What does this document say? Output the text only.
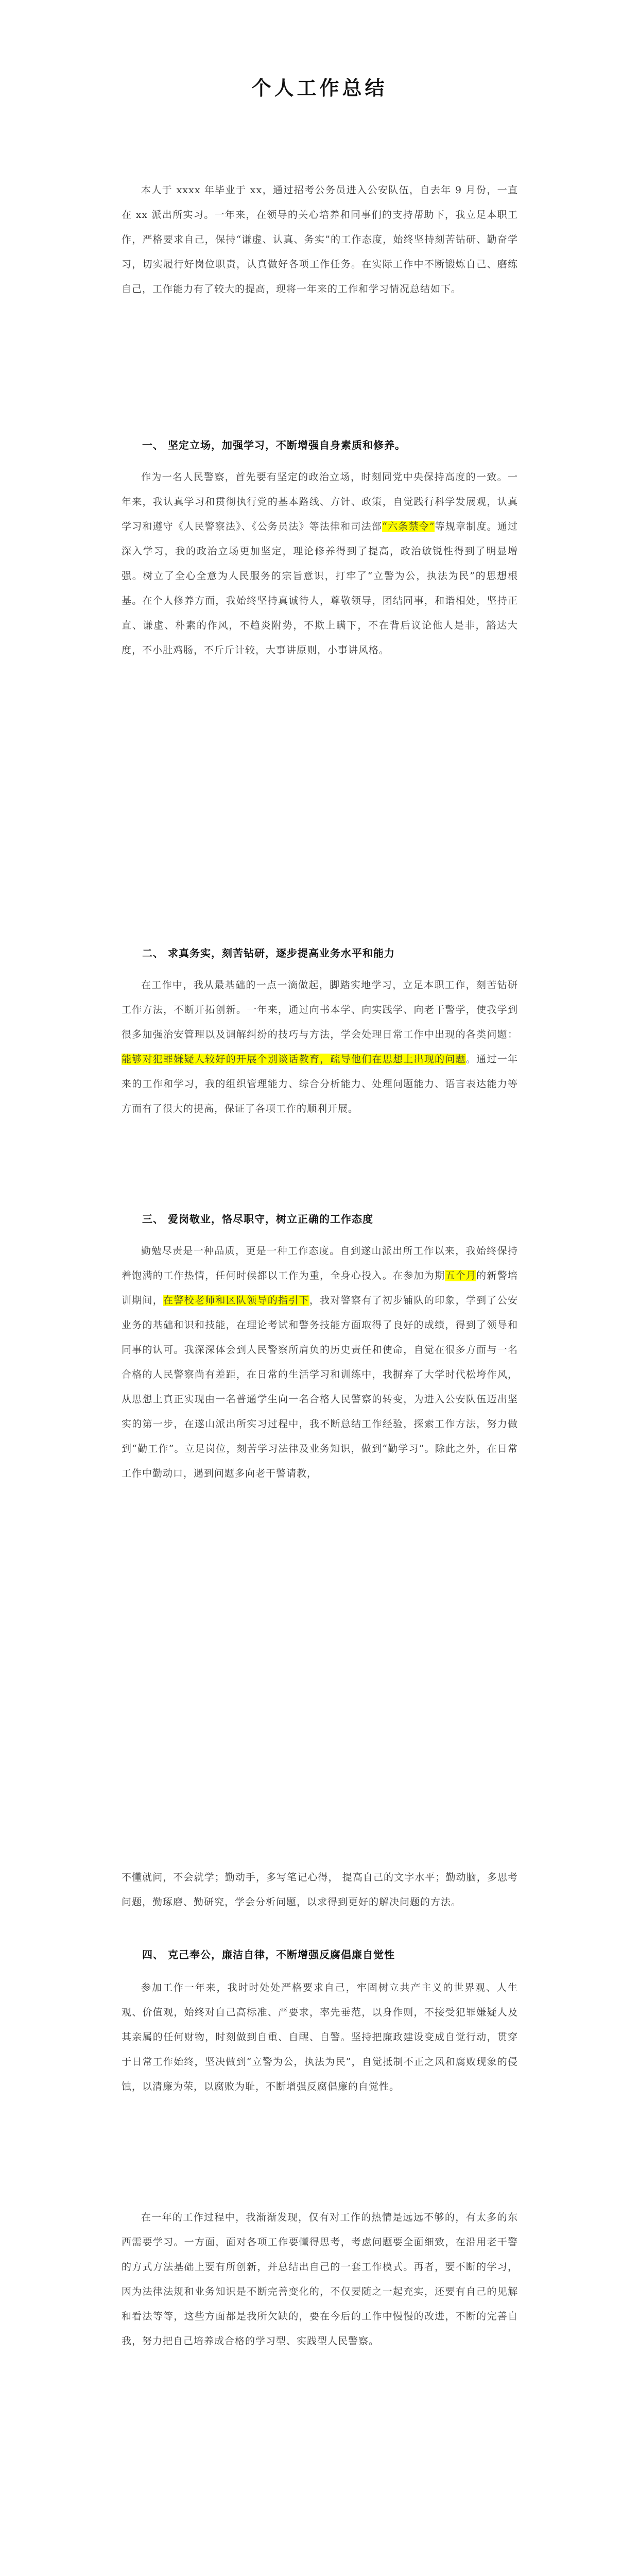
个人工作总结

本人于 xxxx 年毕业于 xx，通过招考公务员进入公安队伍，自去年 9 月份，一直在 xx 派出所实习。一年来，在领导的关心培养和同事们的支持帮助下，我立足本职工作，严格要求自己，保持“谦虚、认真、务实”的工作态度，始终坚持刻苦钻研、勤奋学习，切实履行好岗位职责，认真做好各项工作任务。在实际工作中不断锻炼自己、磨练自己，工作能力有了较大的提高，现将一年来的工作和学习情况总结如下。

一、 坚定立场，加强学习，不断增强自身素质和修养。

作为一名人民警察，首先要有坚定的政治立场，时刻同党中央保持高度的一致。一年来，我认真学习和贯彻执行党的基本路线、方针、政策，自觉践行科学发展观，认真学习和遵守《人民警察法》、《公务员法》等法律和司法部“六条禁令”等规章制度。通过深入学习，我的政治立场更加坚定，理论修养得到了提高，政治敏锐性得到了明显增强。树立了全心全意为人民服务的宗旨意识，打牢了“立警为公，执法为民”的思想根基。在个人修养方面，我始终坚持真诚待人，尊敬领导，团结同事，和谐相处，坚持正直、谦虚、朴素的作风，不趋炎附势，不欺上瞒下，不在背后议论他人是非，豁达大度，不小肚鸡肠，不斤斤计较，大事讲原则，小事讲风格。

二、 求真务实，刻苦钻研，逐步提高业务水平和能力

在工作中，我从最基础的一点一滴做起，脚踏实地学习，立足本职工作，刻苦钻研工作方法，不断开拓创新。一年来，通过向书本学、向实践学、向老干警学，使我学到很多加强治安管理以及调解纠纷的技巧与方法，学会处理日常工作中出现的各类问题：能够对犯罪嫌疑人较好的开展个别谈话教育，疏导他们在思想上出现的问题。通过一年来的工作和学习，我的组织管理能力、综合分析能力、处理问题能力、语言表达能力等方面有了很大的提高，保证了各项工作的顺利开展。

三、 爱岗敬业，恪尽职守，树立正确的工作态度

勤勉尽责是一种品质，更是一种工作态度。自到遂山派出所工作以来，我始终保持着饱满的工作热情，任何时候都以工作为重，全身心投入。在参加为期五个月的新警培训期间，在警校老师和区队领导的指引下，我对警察有了初步铺队的印象，学到了公安业务的基础和识和技能，在理论考试和警务技能方面取得了良好的成绩，得到了领导和同事的认可。我深深体会到人民警察所肩负的历史责任和使命，自觉在很多方面与一名合格的人民警察尚有差距，在日常的生活学习和训练中，我摒弃了大学时代松垮作风，从思想上真正实现由一名普通学生向一名合格人民警察的转变，为进入公安队伍迈出坚实的第一步，在遂山派出所实习过程中，我不断总结工作经验，探索工作方法，努力做到“勤工作”。立足岗位，刻苦学习法律及业务知识，做到“勤学习”。除此之外，在日常工作中勤动口，遇到问题多向老干警请教，

不懂就问，不会就学；勤动手，多写笔记心得， 提高自己的文字水平；勤动脑，多思考问题，勤琢磨、勤研究，学会分析问题，以求得到更好的解决问题的方法。

四、 克己奉公，廉洁自律，不断增强反腐倡廉自觉性

参加工作一年来，我时时处处严格要求自己，牢固树立共产主义的世界观、人生观、价值观，始终对自己高标准、严要求，率先垂范，以身作则，不接受犯罪嫌疑人及其亲属的任何财物，时刻做到自重、自醒、自警。坚持把廉政建设变成自觉行动，贯穿于日常工作始终，坚决做到“立警为公，执法为民”，自觉抵制不正之风和腐败现象的侵蚀，以清廉为荣，以腐败为耻，不断增强反腐倡廉的自觉性。

在一年的工作过程中，我渐渐发现，仅有对工作的热情是远远不够的，有太多的东西需要学习。一方面，面对各项工作要懂得思考，考虑问题要全面细致，在沿用老干警的方式方法基础上要有所创新，并总结出自己的一套工作模式。再者，要不断的学习，因为法律法规和业务知识是不断完善变化的，不仅要随之一起充实，还要有自己的见解和看法等等，这些方面都是我所欠缺的，要在今后的工作中慢慢的改进，不断的完善自我，努力把自己培养成合格的学习型、实践型人民警察。
